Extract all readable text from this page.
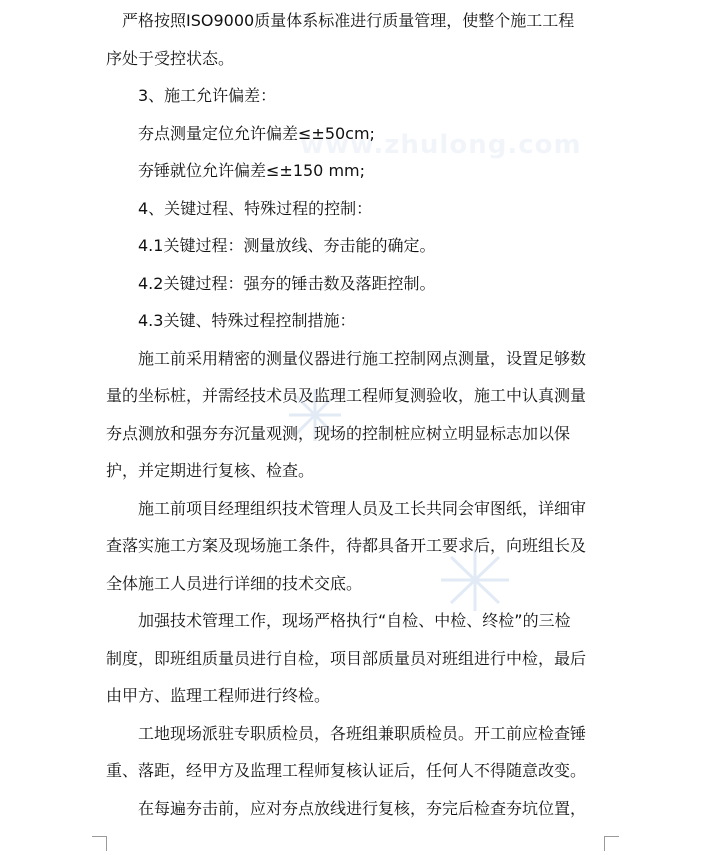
www.zhulong.com
　严格按照ISO9000质量体系标准进行质量管理，使整个施工工程
序处于受控状态。
　　3、施工允许偏差：
　　夯点测量定位允许偏差≤±50cm;
　　夯锤就位允许偏差≤±150 mm;
　　4、关键过程、特殊过程的控制：
　　4.1关键过程：测量放线、夯击能的确定。
　　4.2关键过程：强夯的锤击数及落距控制。
　　4.3关键、特殊过程控制措施：
　　施工前采用精密的测量仪器进行施工控制网点测量，设置足够数
量的坐标桩，并需经技术员及监理工程师复测验收，施工中认真测量
夯点测放和强夯夯沉量观测，现场的控制桩应树立明显标志加以保
护，并定期进行复核、检查。
　　施工前项目经理组织技术管理人员及工长共同会审图纸，详细审
查落实施工方案及现场施工条件，待都具备开工要求后，向班组长及
全体施工人员进行详细的技术交底。
　　加强技术管理工作，现场严格执行“自检、中检、终检”的三检
制度，即班组质量员进行自检，项目部质量员对班组进行中检，最后
由甲方、监理工程师进行终检。
　　工地现场派驻专职质检员，各班组兼职质检员。开工前应检查锤
重、落距，经甲方及监理工程师复核认证后，任何人不得随意改变。
　　在每遍夯击前，应对夯点放线进行复核，夯完后检查夯坑位置，
